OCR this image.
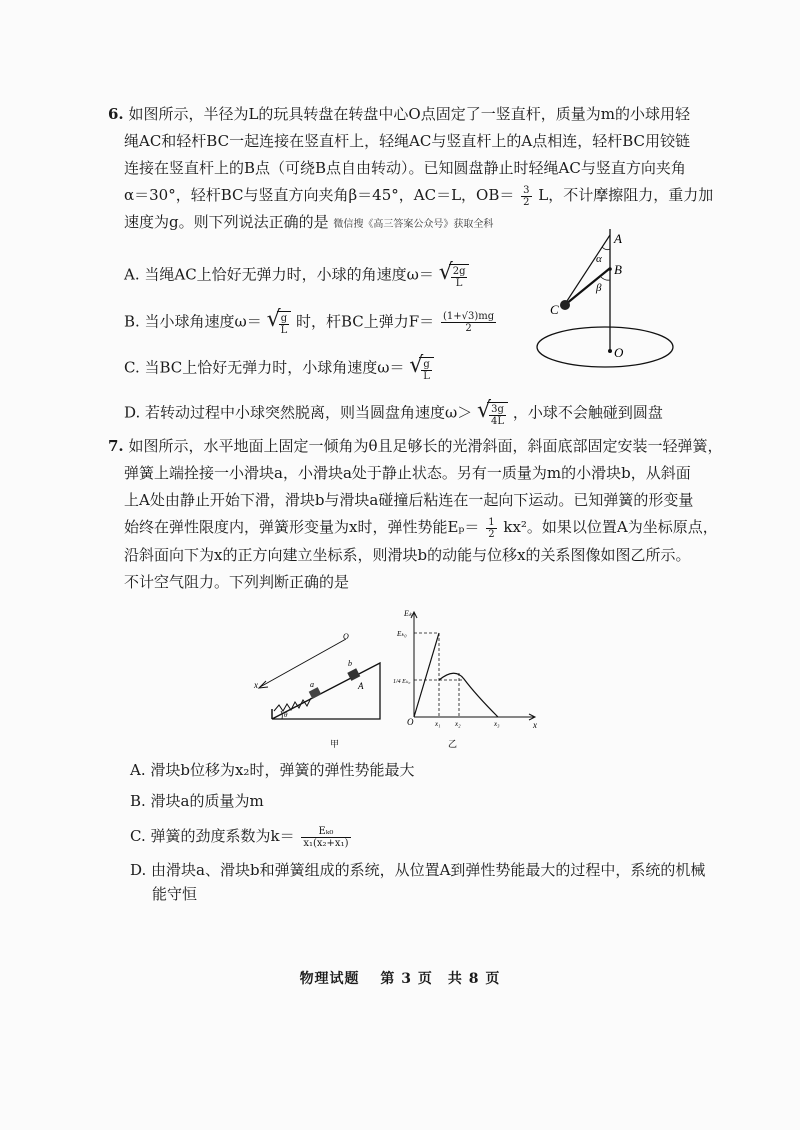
6. 如图所示，半径为L的玩具转盘在转盘中心O点固定了一竖直杆，质量为m的小球用轻
绳AC和轻杆BC一起连接在竖直杆上，轻绳AC与竖直杆上的A点相连，轻杆BC用铰链
连接在竖直杆上的B点（可绕B点自由转动）。已知圆盘静止时轻绳AC与竖直方向夹角
α＝30°，轻杆BC与竖直方向夹角β＝45°，AC＝L，$OB= \frac{3}{2}$ L，不计摩擦阻力，重力加
速度为g。则下列说法正确的是 微信搜《高三答案公众号》获取全科
A. 当绳AC上恰好无弹力时，小球的角速度ω＝ √
$\frac{2g}{L}$
B. 当小球角速度ω＝ √
$\frac{g}{L}$ 时，杆BC上弹力$F= \frac{(1+√3)mg}{2}$
C. 当BC上恰好无弹力时，小球角速度ω＝ √
$\frac{g}{L}$
D. 若转动过程中小球突然脱离，则当圆盘角速度ω＞ √
$\frac{3g}{4L}$ ，小球不会触碰到圆盘
A
B
C
O
α
β
7. 如图所示，水平地面上固定一倾角为θ且足够长的光滑斜面，斜面底部固定安装一轻弹簧，
弹簧上端拴接一小滑块a，小滑块a处于静止状态。另有一质量为m的小滑块b，从斜面
上A处由静止开始下滑，滑块b与滑块a碰撞后粘连在一起向下运动。已知弹簧的形变量
始终在弹性限度内，弹簧形变量为x时，弹性势能$E_p= \frac{1}{2} kx^2$。如果以位置A为坐标原点，
沿斜面向下为x的正方向建立坐标系，则滑块b的动能与位移x的关系图像如图乙所示。
不计空气阻力。下列判断正确的是
x	a
b
A
O
θ
甲
Eₖ
Eₖ₀
1/4 Eₖ₀
O	x₁ x₂	x₃	x
乙
A. 滑块b位移为x₂时，弹簧的弹性势能最大
B. 滑块a的质量为m
C. 弹簧的劲度系数为$k= \frac{\text{Eₖ₀}}{\text{x₁(x₂+x₁)}}$
D. 由滑块a、滑块b和弹簧组成的系统，从位置A到弹性势能最大的过程中，系统的机械
能守恒
物理试题　 第 3 页　共 8 页
